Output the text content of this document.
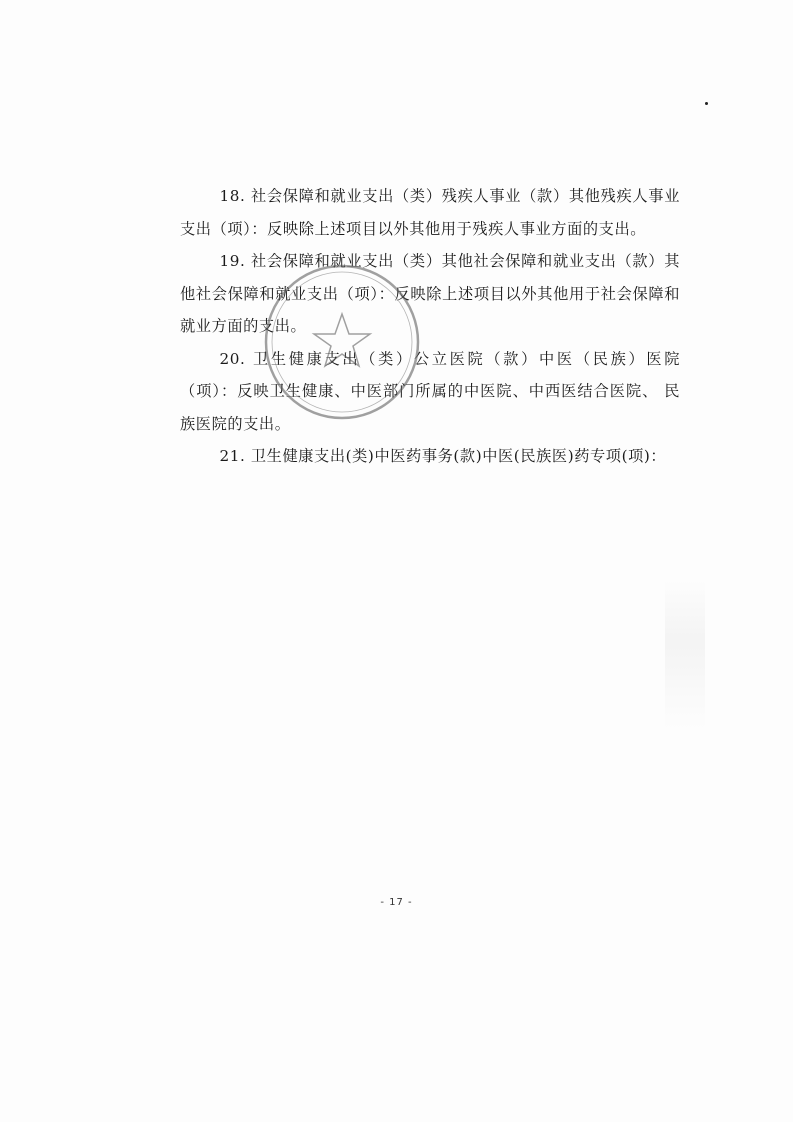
18. 社会保障和就业支出（类）残疾人事业（款）其他残疾人事业支出（项）：反映除上述项目以外其他用于残疾人事业方面的支出。

19. 社会保障和就业支出（类）其他社会保障和就业支出（款）其他社会保障和就业支出（项）：反映除上述项目以外其他用于社会保障和就业方面的支出。

20. 卫生健康支出（类）公立医院（款）中医（民族）医院（项）：反映卫生健康、中医部门所属的中医院、中西医结合医院、 民族医院的支出。

21. 卫生健康支出(类)中医药事务(款)中医(民族医)药专项(项)：

- 17 -
